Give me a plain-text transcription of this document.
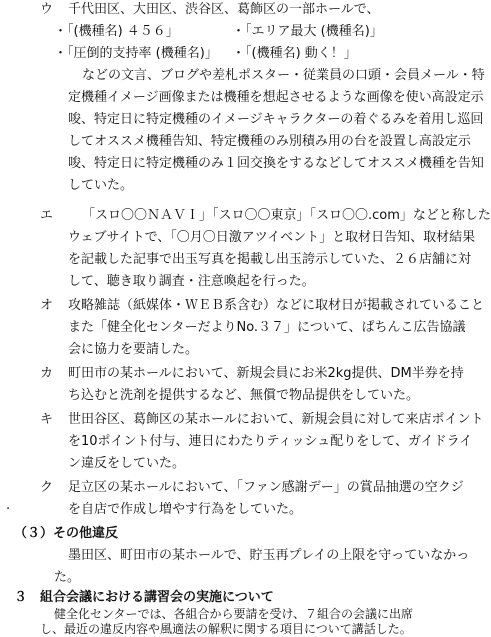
ウ 千代田区、大田区、渋谷区、葛飾区の一部ホールで、
・「(機種名) ４５６」	・「エリア最大 (機種名)」
・「圧倒的支持率 (機種名)」 ・「(機種名) 動く！」
などの文言、ブログや差札ポスター・従業員の口頭・会員メール・特
定機種イメージ画像または機種を想起させるような画像を使い高設定示
唆、特定日に特定機種のイメージキャラクターの着ぐるみを着用し巡回
してオススメ機種告知、特定機種のみ別積み用の台を設置し高設定示
唆、特定日に特定機種のみ１回交換をするなどしてオススメ機種を告知
していた。
エ 「スロ〇〇ＮＡＶＩ」「スロ〇〇東京」「スロ〇〇.com」などと称した
ウェブサイトで、「〇月〇日激アツイベント」と取材日告知、取材結果
を記載した記事で出玉写真を掲載し出玉誇示していた、２６店舗に対
して、聴き取り調査・注意喚起を行った。
オ 攻略雑誌（紙媒体・ＷＥＢ系含む）などに取材日が掲載されていること
また「健全化センターだよりNo.３７」について、ぱちんこ広告協議
会に協力を要請した。
カ 町田市の某ホールにおいて、新規会員にお米2kg提供、DM半券を持
ち込むと洗剤を提供するなど、無償で物品提供をしていた。
キ 世田谷区、葛飾区の某ホールにおいて、新規会員に対して来店ポイント
を10ポイント付与、連日にわたりティッシュ配りをして、ガイドライ
ン違反をしていた。
ク 足立区の某ホールにおいて、「ファン感謝デー」の賞品抽選の空クジ
·	を自店で作成し増やす行為をしていた。
（３）その他違反
墨田区、町田市の某ホールで、貯玉再プレイの上限を守っていなかっ
た。
３　組合会議における講習会の実施について
健全化センターでは、各組合から要請を受け、７組合の会議に出席
し、最近の違反内容や風適法の解釈に関する項目について講話した。
